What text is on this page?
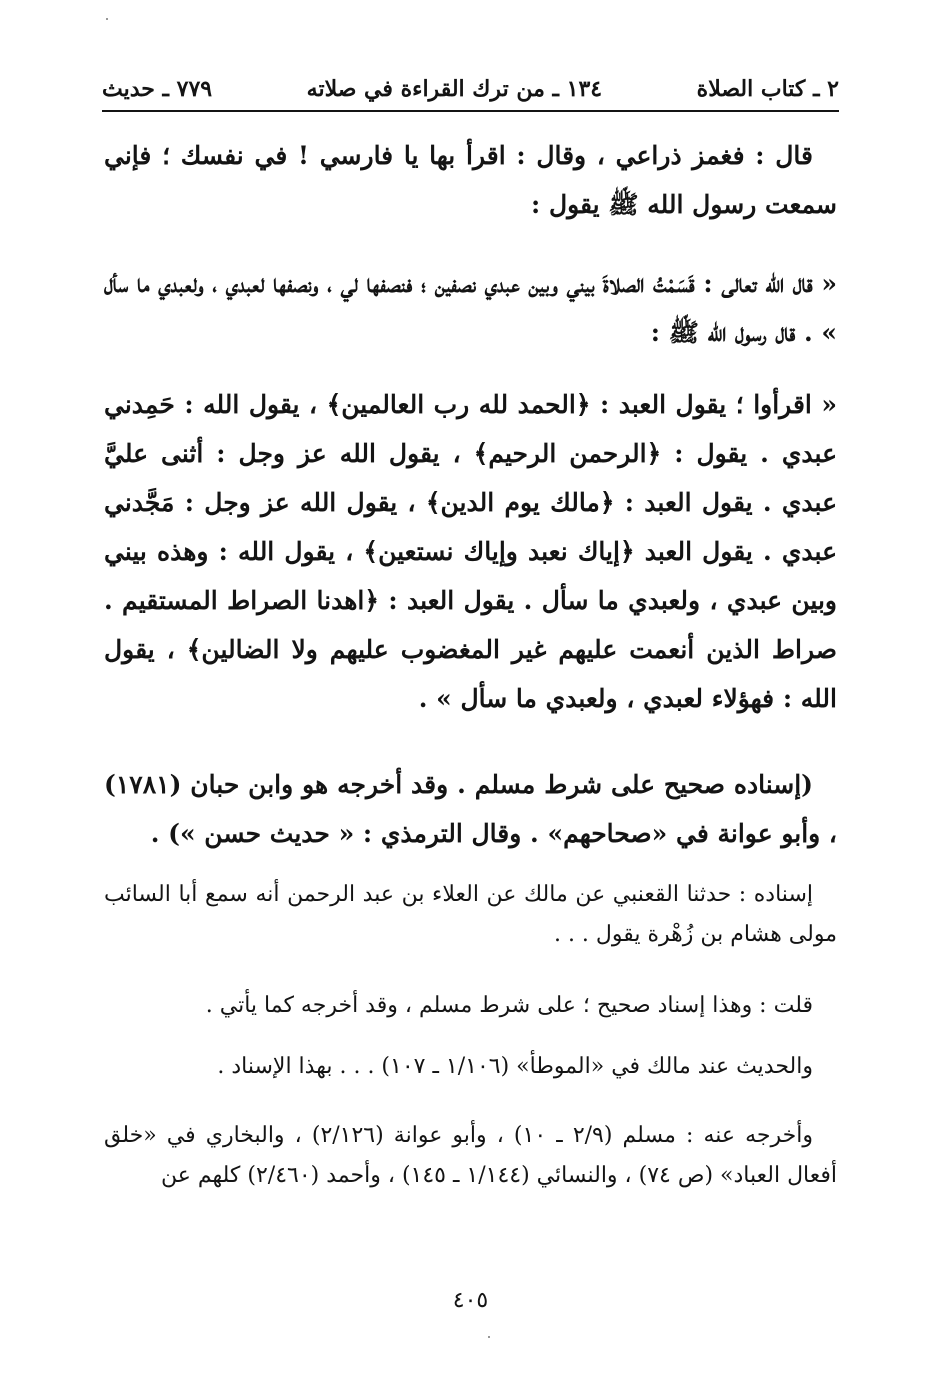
٢ ـ كتاب الصلاة
١٣٤ ـ من ترك القراءة في صلاته
٧٧٩ ـ حديث

قال : فغمز ذراعي ، وقال : اقرأ بها يا فارسي ! في نفسك ؛ فإني سمعت رسول الله ﷺ يقول :

« قال الله تعالى : قَسَمْتُ الصلاةَ بيني وبين عبدي نصفين ؛ فنصفها لي ، ونصفها لعبدي ، ولعبدي ما سأل » . قال رسول الله ﷺ :

« اقرأوا ؛ يقول العبد : ﴿الحمد لله رب العالمين﴾ ، يقول الله : حَمِدني عبدي . يقول : ﴿الرحمن الرحيم﴾ ، يقول الله عز وجل : أثنى عليَّ عبدي . يقول العبد : ﴿مالك يوم الدين﴾ ، يقول الله عز وجل : مَجَّدني عبدي . يقول العبد ﴿إياك نعبد وإياك نستعين﴾ ، يقول الله : وهذه بيني وبين عبدي ، ولعبدي ما سأل . يقول العبد : ﴿اهدنا الصراط المستقيم . صراط الذين أنعمت عليهم غير المغضوب عليهم ولا الضالين﴾ ، يقول الله : فهؤلاء لعبدي ، ولعبدي ما سأل » .

(إسناده صحيح على شرط مسلم . وقد أخرجه هو وابن حبان (١٧٨١) ، وأبو عوانة في «صحاحهم» . وقال الترمذي : « حديث حسن ») .

إسناده : حدثنا القعنبي عن مالك عن العلاء بن عبد الرحمن أنه سمع أبا السائب مولى هشام بن زُهْرة يقول . . .

قلت : وهذا إسناد صحيح ؛ على شرط مسلم ، وقد أخرجه كما يأتي .

والحديث عند مالك في «الموطأ» (١/١٠٦ ـ ١٠٧) . . . بهذا الإسناد .

وأخرجه عنه : مسلم (٢/٩ ـ ١٠) ، وأبو عوانة (٢/١٢٦) ، والبخاري في «خلق أفعال العباد» (ص ٧٤) ، والنسائي (١/١٤٤ ـ ١٤٥) ، وأحمد (٢/٤٦٠) كلهم عن

٤٠٥
